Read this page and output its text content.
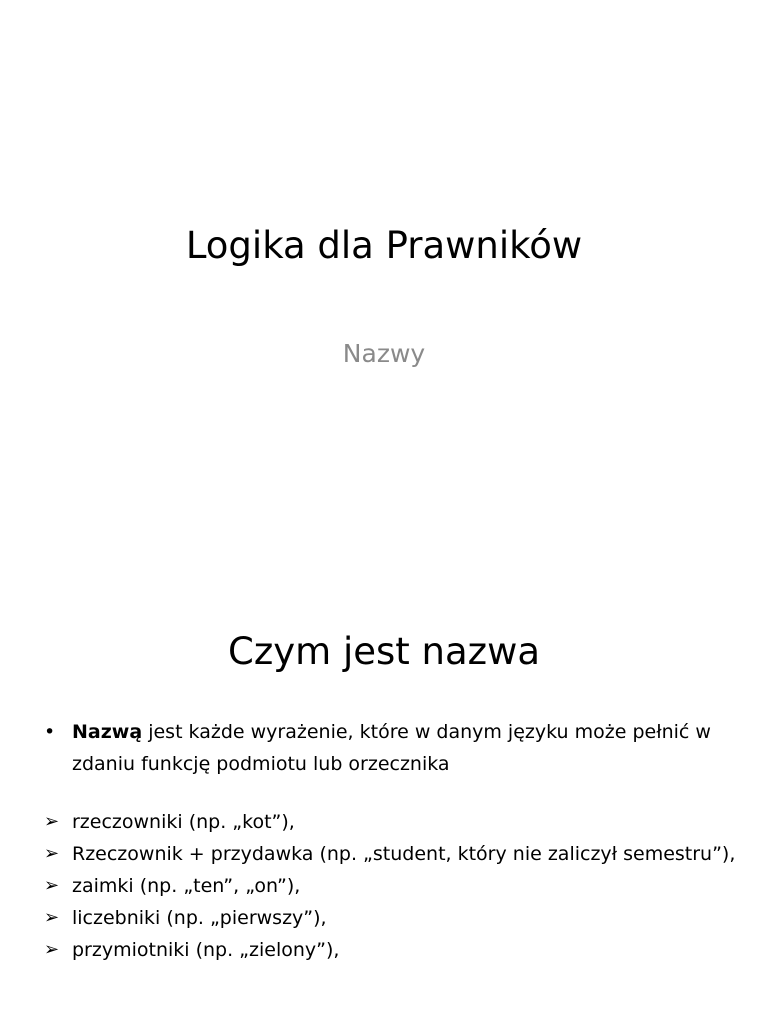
Logika dla Prawników
Nazwy
Czym jest nazwa
• Nazwą jest każde wyrażenie, które w danym języku może pełnić w zdaniu funkcję podmiotu lub orzecznika
➢ rzeczowniki (np. „kot”),
➢ Rzeczownik + przydawka (np. „student, który nie zaliczył semestru”),
➢ zaimki (np. „ten”, „on”),
➢ liczebniki (np. „pierwszy”),
➢ przymiotniki (np. „zielony”),
